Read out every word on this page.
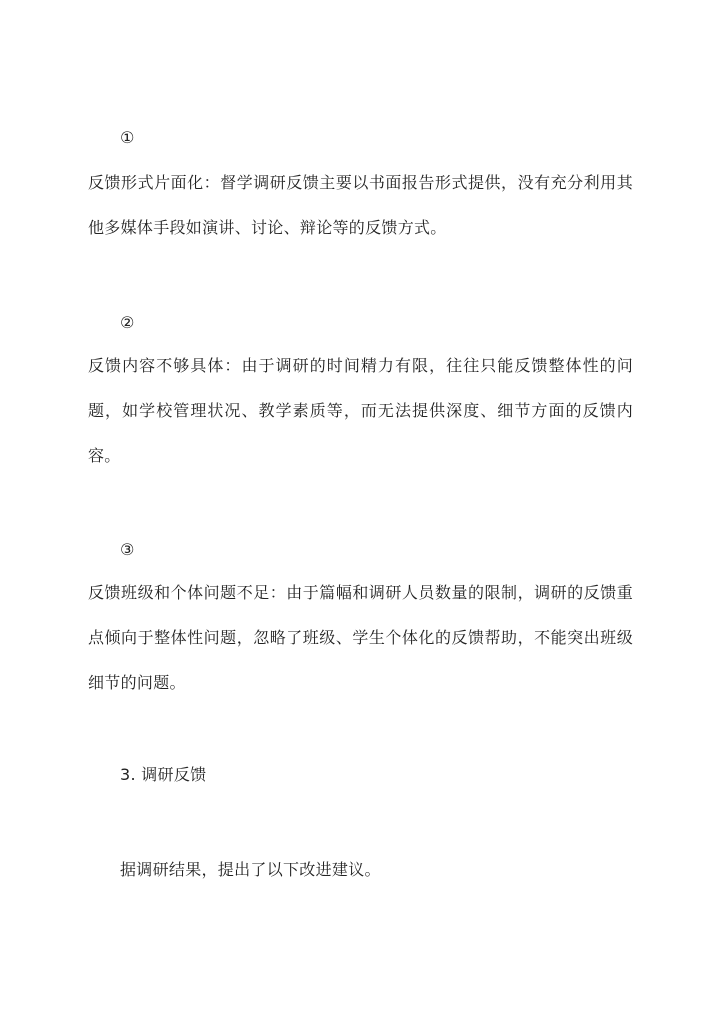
①

反馈形式片面化：督学调研反馈主要以书面报告形式提供，没有充分利用其他多媒体手段如演讲、讨论、辩论等的反馈方式。

②

反馈内容不够具体：由于调研的时间精力有限，往往只能反馈整体性的问题，如学校管理状况、教学素质等，而无法提供深度、细节方面的反馈内容。

③

反馈班级和个体问题不足：由于篇幅和调研人员数量的限制，调研的反馈重点倾向于整体性问题，忽略了班级、学生个体化的反馈帮助，不能突出班级细节的问题。

3. 调研反馈
据调研结果，提出了以下改进建议。
